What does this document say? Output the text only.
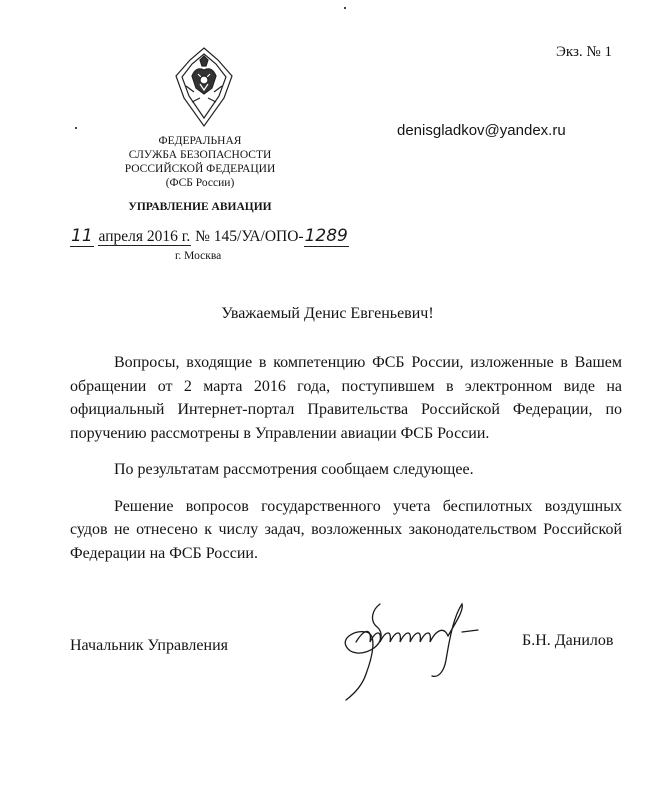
Экз. № 1
denisgladkov@yandex.ru
ФЕДЕРАЛЬНАЯ
СЛУЖБА БЕЗОПАСНОСТИ
РОССИЙСКОЙ ФЕДЕРАЦИИ
(ФСБ России)
УПРАВЛЕНИЕ АВИАЦИИ
11 апреля 2016 г. № 145/УА/ОПО-1289
г. Москва
Уважаемый Денис Евгеньевич!

Вопросы, входящие в компетенцию ФСБ России, изложенные в Вашем обращении от 2 марта 2016 года, поступившем в электронном виде на официальный Интернет-портал Правительства Российской Федерации, по поручению рассмотрены в Управлении авиации ФСБ России.

По результатам рассмотрения сообщаем следующее.

Решение вопросов государственного учета беспилотных воздушных судов не отнесено к числу задач, возложенных законодательством Российской Федерации на ФСБ России.

Начальник Управления	Б.Н. Данилов
